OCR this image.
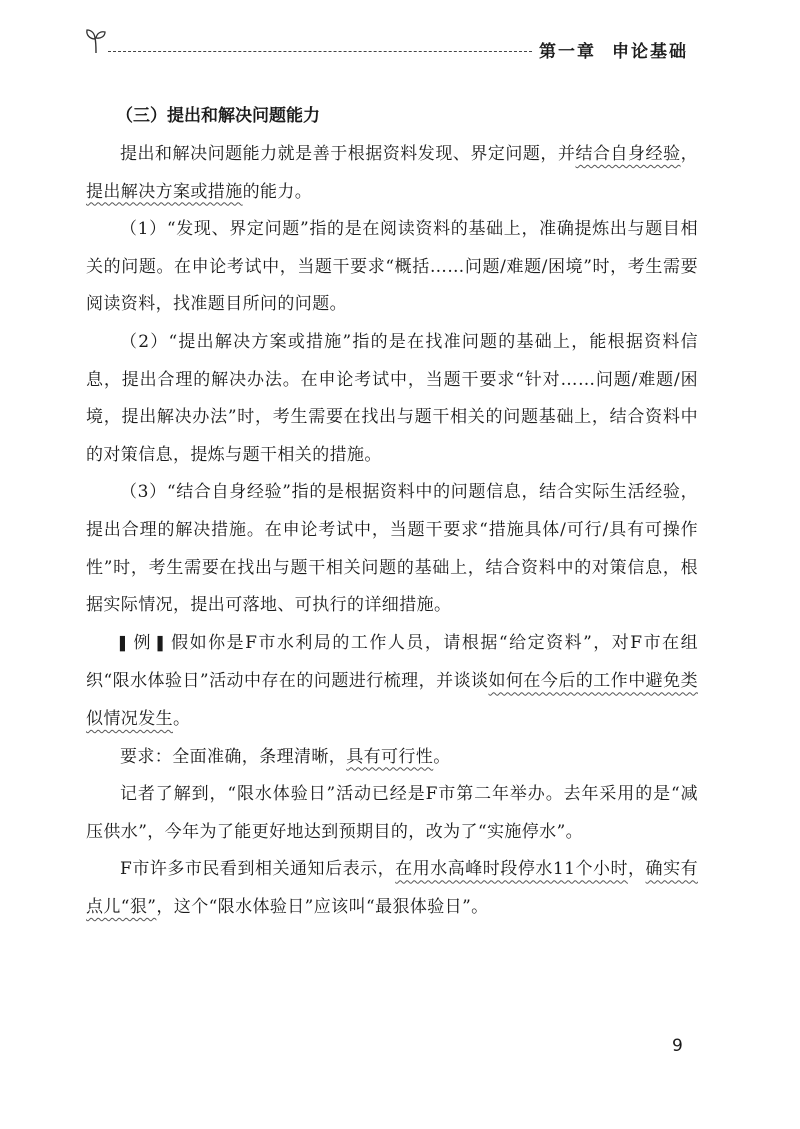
第一章 申论基础
（三）提出和解决问题能力

提出和解决问题能力就是善于根据资料发现、界定问题，并结合自身经验，提出解决方案或措施的能力。

（1）“发现、界定问题”指的是在阅读资料的基础上，准确提炼出与题目相关的问题。在申论考试中，当题干要求“概括……问题/难题/困境”时，考生需要阅读资料，找准题目所问的问题。

（2）“提出解决方案或措施”指的是在找准问题的基础上，能根据资料信息，提出合理的解决办法。在申论考试中，当题干要求“针对……问题/难题/困境，提出解决办法”时，考生需要在找出与题干相关的问题基础上，结合资料中的对策信息，提炼与题干相关的措施。

（3）“结合自身经验”指的是根据资料中的问题信息，结合实际生活经验，提出合理的解决措施。在申论考试中，当题干要求“措施具体/可行/具有可操作性”时，考生需要在找出与题干相关问题的基础上，结合资料中的对策信息，根据实际情况，提出可落地、可执行的详细措施。

▌ 例 ▌ 假如你是F市水利局的工作人员，请根据“给定资料”，对F市在组织“限水体验日”活动中存在的问题进行梳理，并谈谈如何在今后的工作中避免类似情况发生。

要求：全面准确，条理清晰，具有可行性。

记者了解到，“限水体验日”活动已经是F市第二年举办。去年采用的是“减压供水”，今年为了能更好地达到预期目的，改为了“实施停水”。

F市许多市民看到相关通知后表示，在用水高峰时段停水11个小时，确实有点儿“狠”，这个“限水体验日”应该叫“最狠体验日”。

9
